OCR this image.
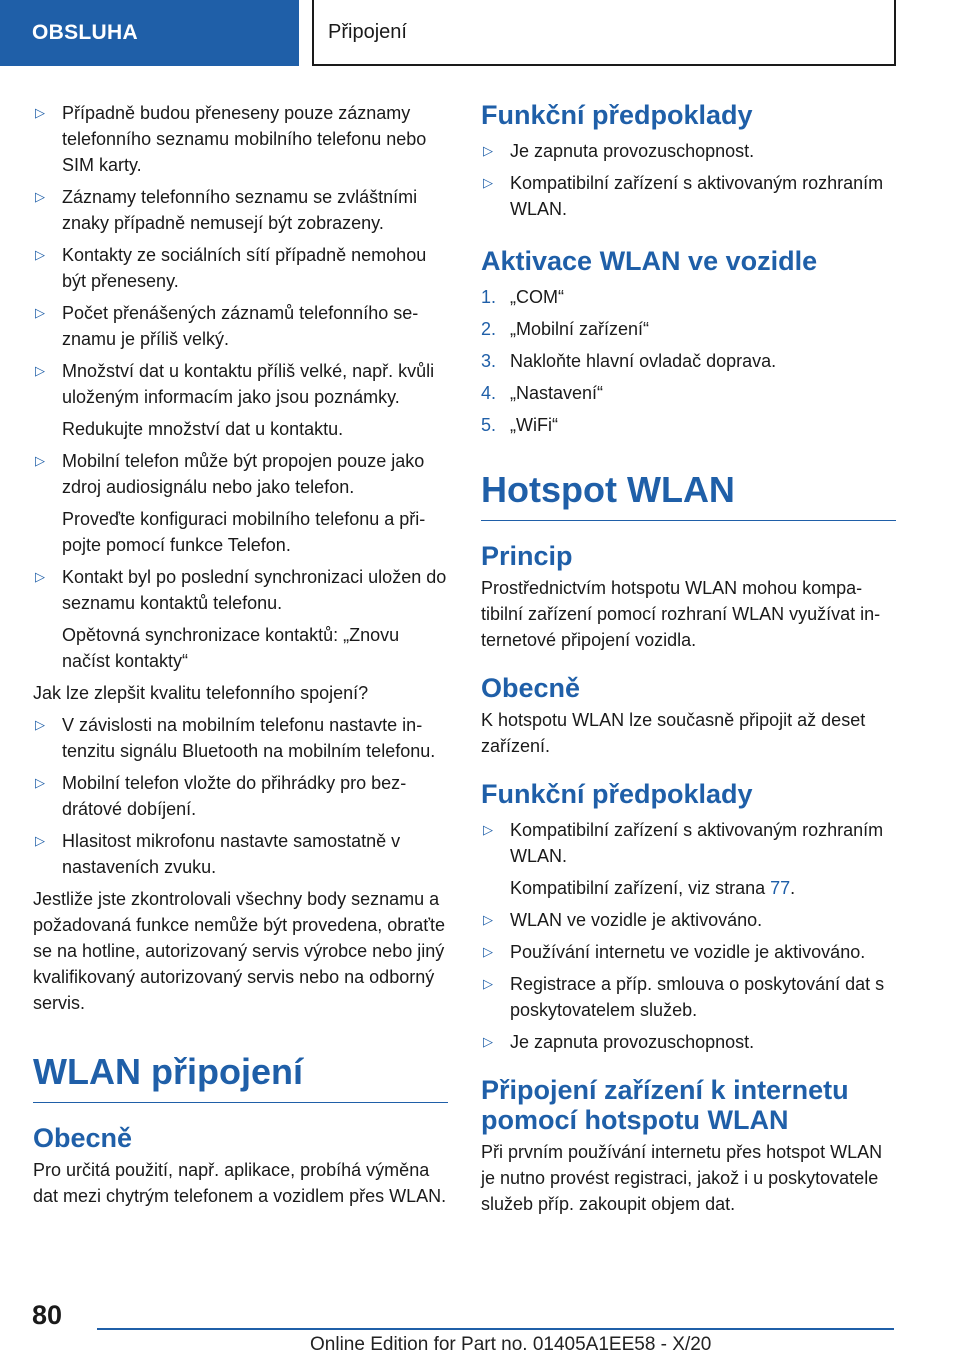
OBSLUHA	Připojení
▷ Případně budou přeneseny pouze záznamy telefonního seznamu mobilního telefonu nebo SIM karty.
▷ Záznamy telefonního seznamu se zvláštními znaky případně nemusejí být zobrazeny.
▷ Kontakty ze sociálních sítí případně nemohou být přeneseny.
▷ Počet přenášených záznamů telefonního seznamu je příliš velký.
▷ Množství dat u kontaktu příliš velké, např. kvůli uloženým informacím jako jsou poznámky.

Redukujte množství dat u kontaktu.

▷ Mobilní telefon může být propojen pouze jako zdroj audiosignálu nebo jako telefon.

Proveďte konfiguraci mobilního telefonu a připojte pomocí funkce Telefon.

▷ Kontakt byl po poslední synchronizaci uložen do seznamu kontaktů telefonu.

Opětovná synchronizace kontaktů: „Znovu načíst kontakty“

Jak lze zlepšit kvalitu telefonního spojení?

▷ V závislosti na mobilním telefonu nastavte intenzitu signálu Bluetooth na mobilním telefonu.
▷ Mobilní telefon vložte do přihrádky pro bezdrátové dobíjení.
▷ Hlasitost mikrofonu nastavte samostatně v nastaveních zvuku.

Jestliže jste zkontrolovali všechny body seznamu a požadovaná funkce nemůže být provedena, obraťte se na hotline, autorizovaný servis výrobce nebo jiný kvalifikovaný autorizovaný servis nebo na odborný servis.

WLAN připojení
Obecně

Pro určitá použití, např. aplikace, probíhá výměna dat mezi chytrým telefonem a vozidlem přes WLAN.

Funkční předpoklady
▷ Je zapnuta provozuschopnost.
▷ Kompatibilní zařízení s aktivovaným rozhraním WLAN.
Aktivace WLAN ve vozidle
1. „COM“
2. „Mobilní zařízení“
3. Nakloňte hlavní ovladač doprava.
4. „Nastavení“
5. „WiFi“
Hotspot WLAN
Princip

Prostřednictvím hotspotu WLAN mohou kompatibilní zařízení pomocí rozhraní WLAN využívat internetové připojení vozidla.

Obecně

K hotspotu WLAN lze současně připojit až deset zařízení.

Funkční předpoklady
▷ Kompatibilní zařízení s aktivovaným rozhraním WLAN.

Kompatibilní zařízení, viz strana 77.

▷ WLAN ve vozidle je aktivováno.
▷ Používání internetu ve vozidle je aktivováno.
▷ Registrace a příp. smlouva o poskytování dat s poskytovatelem služeb.
▷ Je zapnuta provozuschopnost.
Připojení zařízení k internetu pomocí hotspotu WLAN

Při prvním používání internetu přes hotspot WLAN je nutno provést registraci, jakož i u poskytovatele služeb příp. zakoupit objem dat.

80
Online Edition for Part no. 01405A1EE58 - X/20
